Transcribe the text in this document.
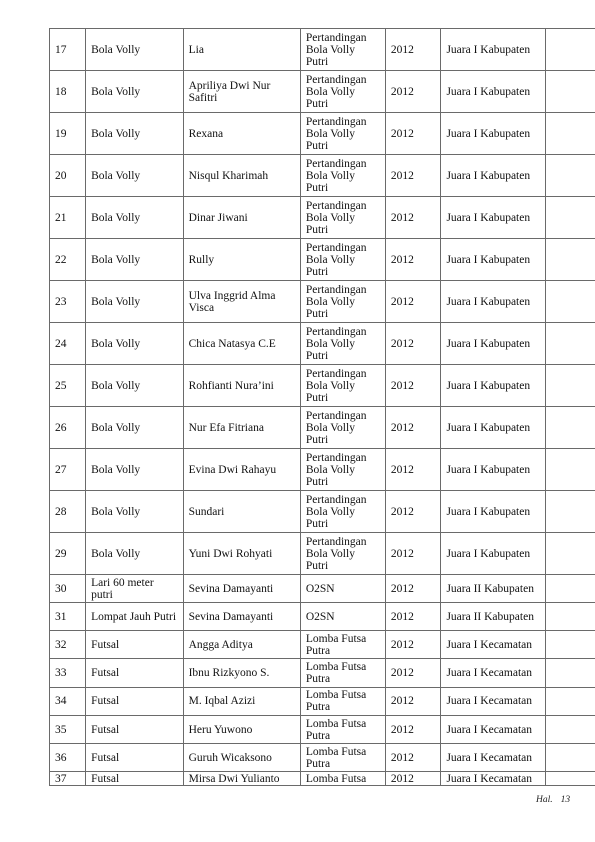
17	Bola Volly	Lia	Pertandingan Bola Volly Putri	2012	Juara I Kabupaten	
18	Bola Volly	Apriliya Dwi Nur Safitri	Pertandingan Bola Volly Putri	2012	Juara I Kabupaten	
19	Bola Volly	Rexana	Pertandingan Bola Volly Putri	2012	Juara I Kabupaten	
20	Bola Volly	Nisqul Kharimah	Pertandingan Bola Volly Putri	2012	Juara I Kabupaten	
21	Bola Volly	Dinar Jiwani	Pertandingan Bola Volly Putri	2012	Juara I Kabupaten	
22	Bola Volly	Rully	Pertandingan Bola Volly Putri	2012	Juara I Kabupaten	
23	Bola Volly	Ulva Inggrid Alma Visca	Pertandingan Bola Volly Putri	2012	Juara I Kabupaten	
24	Bola Volly	Chica Natasya C.E	Pertandingan Bola Volly Putri	2012	Juara I Kabupaten	
25	Bola Volly	Rohfianti Nura’ini	Pertandingan Bola Volly Putri	2012	Juara I Kabupaten	
26	Bola Volly	Nur Efa Fitriana	Pertandingan Bola Volly Putri	2012	Juara I Kabupaten	
27	Bola Volly	Evina Dwi Rahayu	Pertandingan Bola Volly Putri	2012	Juara I Kabupaten	
28	Bola Volly	Sundari	Pertandingan Bola Volly Putri	2012	Juara I Kabupaten	
29	Bola Volly	Yuni Dwi Rohyati	Pertandingan Bola Volly Putri	2012	Juara I Kabupaten	
30	Lari 60 meter putri	Sevina Damayanti	O2SN	2012	Juara II Kabupaten	
31	Lompat Jauh Putri	Sevina Damayanti	O2SN	2012	Juara II Kabupaten	
32	Futsal	Angga Aditya	Lomba Futsa Putra	2012	Juara I Kecamatan	
33	Futsal	Ibnu Rizkyono S.	Lomba Futsa Putra	2012	Juara I Kecamatan	
34	Futsal	M. Iqbal Azizi	Lomba Futsa Putra	2012	Juara I Kecamatan	
35	Futsal	Heru Yuwono	Lomba Futsa Putra	2012	Juara I Kecamatan	
36	Futsal	Guruh Wicaksono	Lomba Futsa Putra	2012	Juara I Kecamatan	
37	Futsal	Mirsa Dwi Yulianto	Lomba Futsa	2012	Juara I Kecamatan	
Hal. 13
